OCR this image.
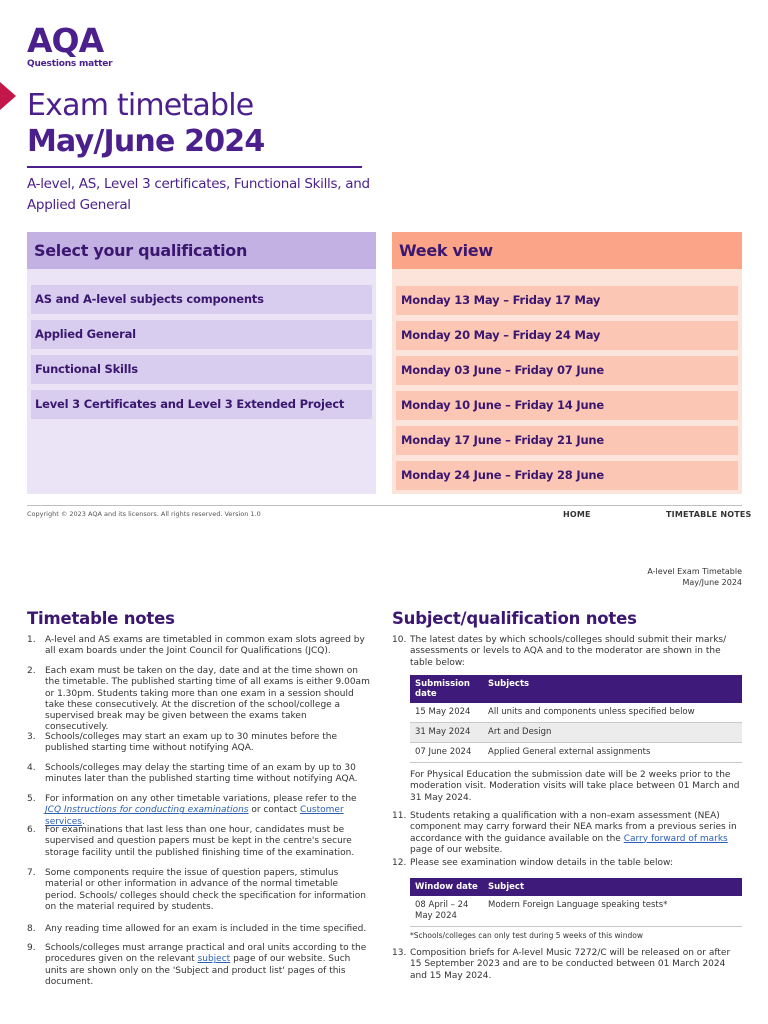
AQA
Questions matter
Exam timetable
May/June 2024
A-level, AS, Level 3 certificates, Functional Skills, and Applied General
Select your qualification
AS and A-level subjects components
Applied General
Functional Skills
Level 3 Certificates and Level 3 Extended Project
Week view
Monday 13 May – Friday 17 May
Monday 20 May – Friday 24 May
Monday 03 June – Friday 07 June
Monday 10 June – Friday 14 June
Monday 17 June – Friday 21 June
Monday 24 June – Friday 28 June
Copyright © 2023 AQA and its licensors. All rights reserved. Version 1.0	HOME	TIMETABLE NOTES
A-level Exam Timetable
May/June 2024
Timetable notes	Subject/qualification notes
1.	A-level and AS exams are timetabled in common exam slots agreed by all exam boards under the Joint Council for Qualifications (JCQ).
2.	Each exam must be taken on the day, date and at the time shown on the timetable. The published starting time of all exams is either 9.00am or 1.30pm. Students taking more than one exam in a session should take these consecutively. At the discretion of the school/college a supervised break may be given between the exams taken consecutively.
3.	Schools/colleges may start an exam up to 30 minutes before the published starting time without notifying AQA.
4.	Schools/colleges may delay the starting time of an exam by up to 30 minutes later than the published starting time without notifying AQA.
5.	For information on any other timetable variations, please refer to the JCQ Instructions for conducting examinations or contact Customer services.
6.	For examinations that last less than one hour, candidates must be supervised and question papers must be kept in the centre's secure storage facility until the published finishing time of the examination.
7.	Some components require the issue of question papers, stimulus material or other information in advance of the normal timetable period. Schools/ colleges should check the specification for information on the material required by students.
8.	Any reading time allowed for an exam is included in the time specified.
9.	Schools/colleges must arrange practical and oral units according to the procedures given on the relevant subject page of our website. Such units are shown only on the 'Subject and product list' pages of this document.
10. The latest dates by which schools/colleges should submit their marks/ assessments or levels to AQA and to the moderator are shown in the table below:
Submission date	Subjects
15 May 2024	All units and components unless specified below
31 May 2024	Art and Design
07 June 2024	Applied General external assignments
For Physical Education the submission date will be 2 weeks prior to the moderation visit. Moderation visits will take place between 01 March and 31 May 2024.
11. Students retaking a qualification with a non-exam assessment (NEA) component may carry forward their NEA marks from a previous series in accordance with the guidance available on the Carry forward of marks page of our website.
12. Please see examination window details in the table below:
Window date	Subject
08 April – 24 May 2024	Modern Foreign Language speaking tests*
*Schools/colleges can only test during 5 weeks of this window
13. Composition briefs for A-level Music 7272/C will be released on or after 15 September 2023 and are to be conducted between 01 March 2024 and 15 May 2024.
